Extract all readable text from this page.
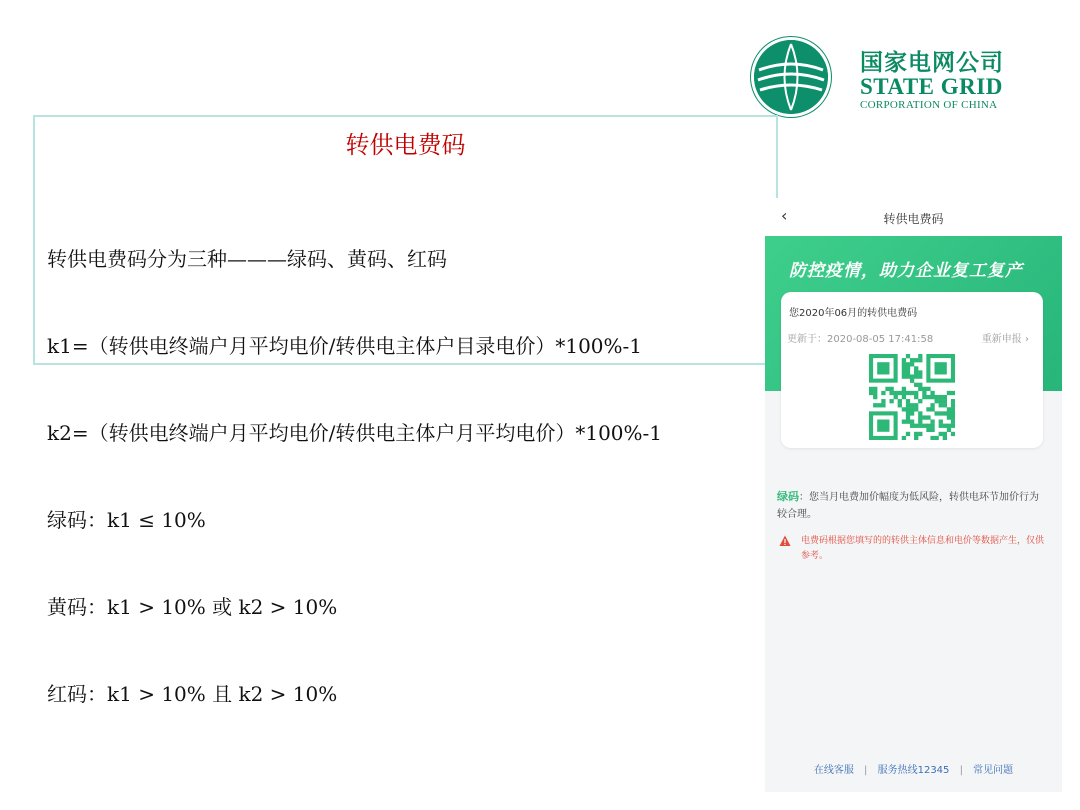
国家电网公司
STATE GRID
CORPORATION OF CHINA
转供电费码

转供电费码分为三种———绿码、黄码、红码

k1=（转供电终端户月平均电价/转供电主体户目录电价）*100%-1

k2=（转供电终端户月平均电价/转供电主体户月平均电价）*100%-1

绿码：k1 ≤ 10%

黄码：k1 > 10% 或 k2 > 10%

红码：k1 > 10% 且 k2 > 10%

‹	转供电费码
防控疫情，助力企业复工复产
您2020年06月的转供电费码
更新于：2020-08-05 17:41:58	重新申报 ›
绿码：您当月电费加价幅度为低风险，转供电环节加价行为较合理。
电费码根据您填写的的转供主体信息和电价等数据产生，仅供参考。
在线客服 | 服务热线12345 | 常见问题
